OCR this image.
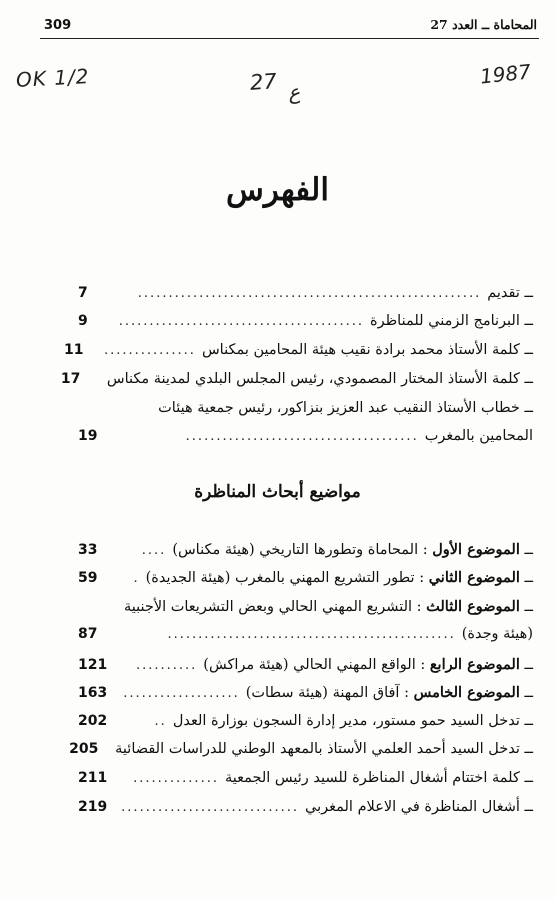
309	المحاماة ــ العدد 27
OK 1/2	27 ع
1987
الفهرس
مواضيع أبحاث المناظرة
ــ تقديم
........................................................
7
ــ البرنامج الزمني للمناظرة
........................................
9
ــ كلمة الأستاذ محمد برادة نقيب هيئة المحامين بمكناس
...............
11
ــ كلمة الأستاذ المختار المصمودي، رئيس المجلس البلدي لمدينة مكناس
17
ــ خطاب الأستاذ النقيب عبد العزيز بنزاكور، رئيس جمعية هيئات
المحامين بالمغرب
......................................
19
ــ الموضوع الأول : المحاماة وتطورها التاريخي (هيئة مكناس)
....
33
ــ الموضوع الثاني : تطور التشريع المهني بالمغرب (هيئة الجديدة)
.
59
ــ الموضوع الثالث : التشريع المهني الحالي وبعض التشريعات الأجنبية
(هيئة وجدة)
...............................................
87
ــ الموضوع الرابع : الواقع المهني الحالي (هيئة مراكش)
..........
121
ــ الموضوع الخامس : آفاق المهنة (هيئة سطات)
...................
163
ــ تدخل السيد حمو مستور، مدير إدارة السجون بوزارة العدل
..
202
ــ تدخل السيد أحمد العلمي الأستاذ بالمعهد الوطني للدراسات القضائية
205
ــ كلمة اختتام أشغال المناظرة للسيد رئيس الجمعية
..............
211
ــ أشغال المناظرة في الاعلام المغربي
.............................
219
